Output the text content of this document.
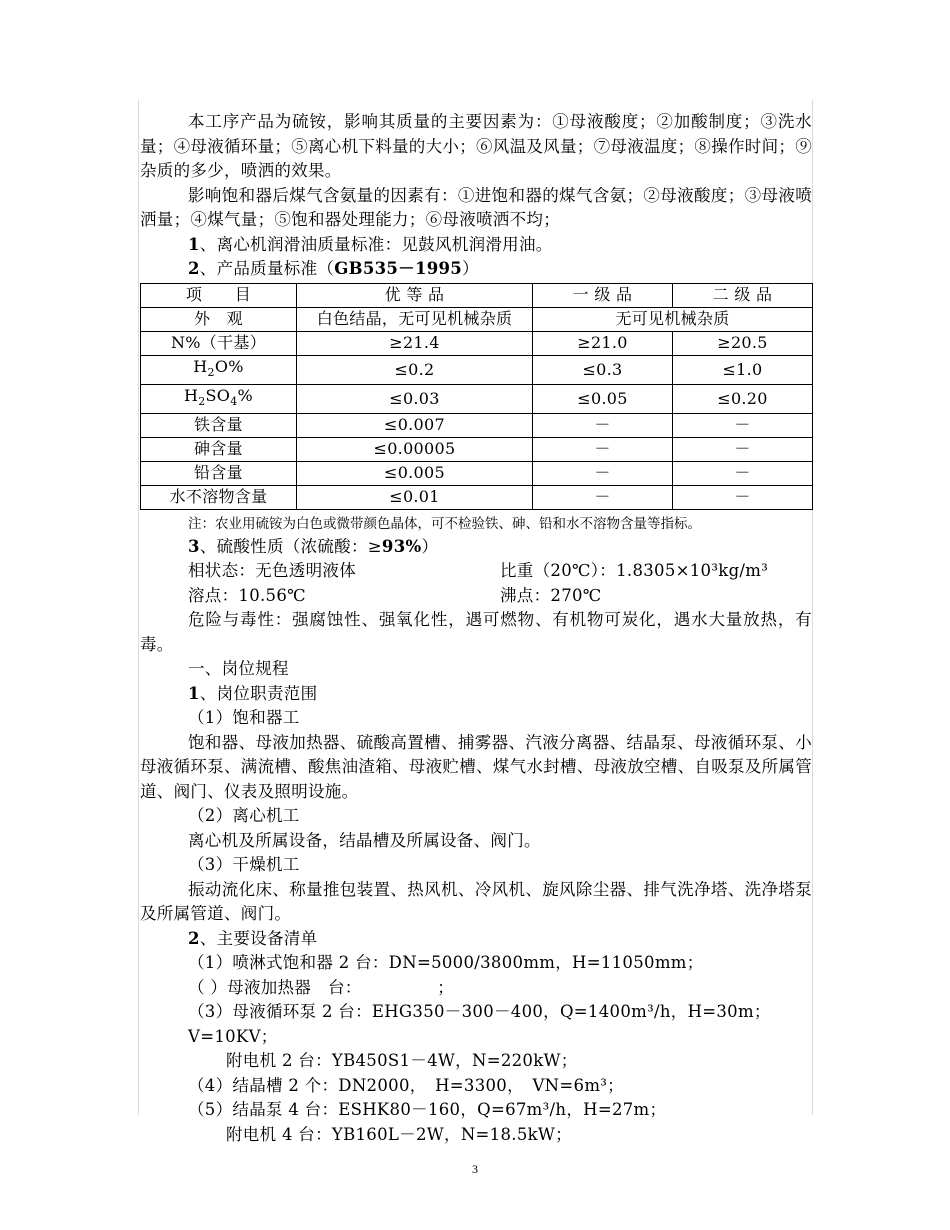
本工序产品为硫铵，影响其质量的主要因素为：①母液酸度；②加酸制度；③洗水量；④母液循环量；⑤离心机下料量的大小；⑥风温及风量；⑦母液温度；⑧操作时间；⑨杂质的多少，喷洒的效果。
影响饱和器后煤气含氨量的因素有：①进饱和器的煤气含氨；②母液酸度；③母液喷洒量；④煤气量；⑤饱和器处理能力；⑥母液喷洒不均；
1、离心机润滑油质量标准：见鼓风机润滑用油。
2、产品质量标准（GB535－1995）
项　　目	优 等 品	一 级 品	二 级 品
外　观	白色结晶，无可见机械杂质	无可见机械杂质	
N%（干基）	≥21.4	≥21.0	≥20.5
$H_2O\%$	≤0.2	≤0.3	≤1.0
$H_2SO_4\%$	≤0.03	≤0.05	≤0.20
铁含量	≤0.007	－	－
砷含量	≤0.00005	－	－
铅含量	≤0.005	－	－
水不溶物含量	≤0.01	－	－
注：农业用硫铵为白色或微带颜色晶体，可不检验铁、砷、铅和水不溶物含量等指标。
3、硫酸性质（浓硫酸：≥93%）
相状态：无色透明液体	比重（20℃）：1.8305×10³kg/m³
溶点：10.56℃	沸点：270℃
危险与毒性：强腐蚀性、强氧化性，遇可燃物、有机物可炭化，遇水大量放热，有毒。
一、岗位规程
1、岗位职责范围
（1）饱和器工
饱和器、母液加热器、硫酸高置槽、捕雾器、汽液分离器、结晶泵、母液循环泵、小母液循环泵、满流槽、酸焦油渣箱、母液贮槽、煤气水封槽、母液放空槽、自吸泵及所属管道、阀门、仪表及照明设施。
（2）离心机工
离心机及所属设备，结晶槽及所属设备、阀门。
（3）干燥机工
振动流化床、称量推包装置、热风机、冷风机、旋风除尘器、排气洗净塔、洗净塔泵及所属管道、阀门。
2、主要设备清单
（1）喷淋式饱和器 2 台：DN=5000/3800mm，H=11050mm；
（ ）母液加热器　台：　　　　　；
（3）母液循环泵 2 台：EHG350－300－400，Q=1400m³/h，H=30m；V=10KV；
附电机 2 台：YB450S1－4W，N=220kW；
（4）结晶槽 2 个：DN2000，　H=3300，　VN=6m³；
（5）结晶泵 4 台：ESHK80－160，Q=67m³/h，H=27m；
附电机 4 台：YB160L－2W，N=18.5kW；
3
